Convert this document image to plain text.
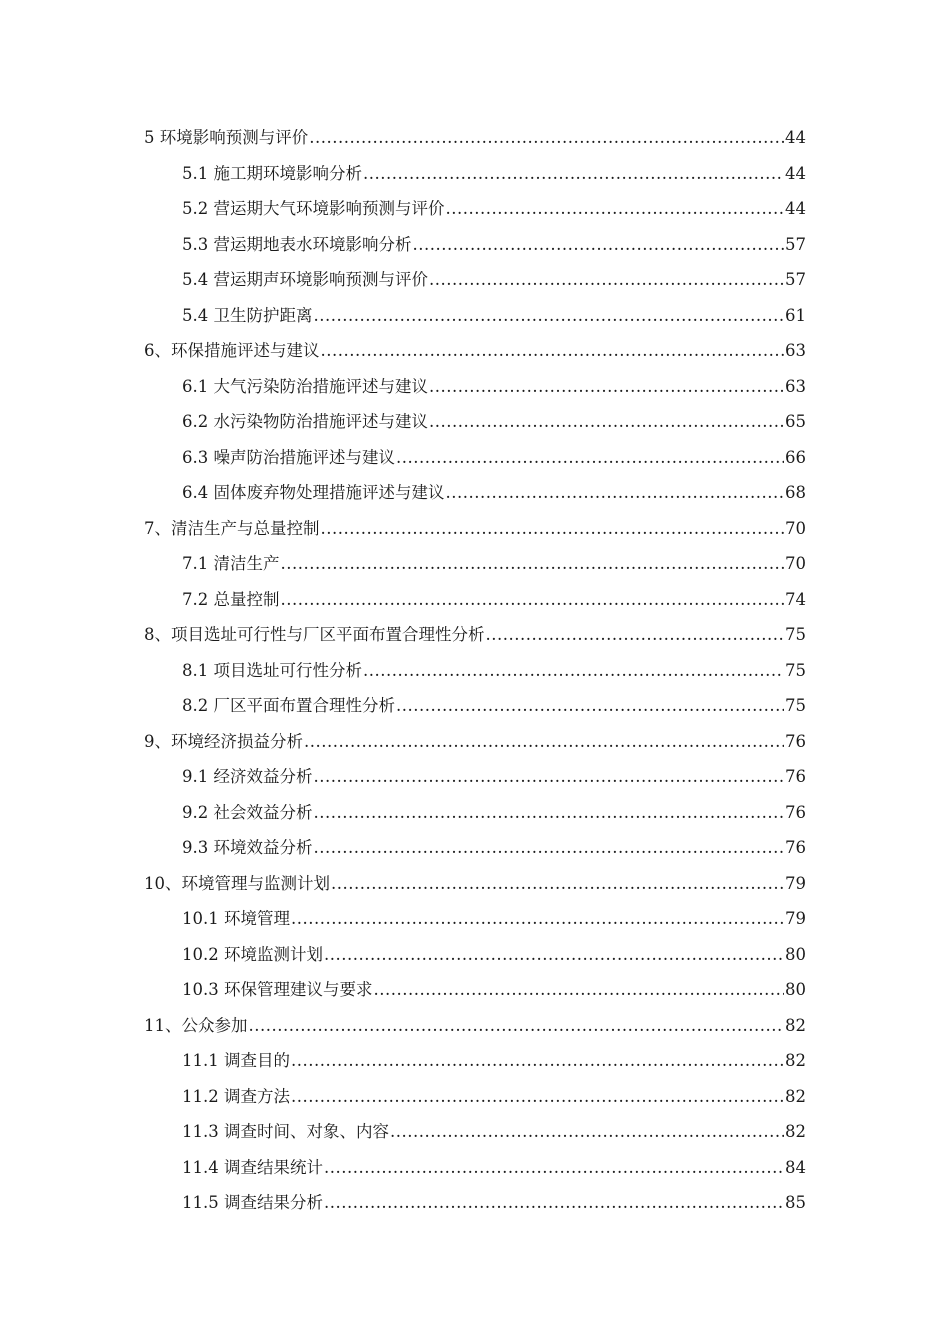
5 环境影响预测与评价 .....	44
5.1 施工期环境影响分析 .....	44
5.2 营运期大气环境影响预测与评价 .....	44
5.3 营运期地表水环境影响分析 .....	57
5.4 营运期声环境影响预测与评价 .....	57
5.4 卫生防护距离 .....	61
6、环保措施评述与建议 .....	63
6.1 大气污染防治措施评述与建议 .....	63
6.2 水污染物防治措施评述与建议 .....	65
6.3 噪声防治措施评述与建议 .....	66
6.4 固体废弃物处理措施评述与建议 .....	68
7、清洁生产与总量控制 .....	70
7.1 清洁生产 .....	70
7.2 总量控制 .....	74
8、项目选址可行性与厂区平面布置合理性分析 .....	75
8.1 项目选址可行性分析 .....	75
8.2 厂区平面布置合理性分析 .....	75
9、环境经济损益分析 .....	76
9.1 经济效益分析 .....	76
9.2 社会效益分析 .....	76
9.3 环境效益分析 .....	76
10、环境管理与监测计划 .....	79
10.1 环境管理 .....	79
10.2 环境监测计划 .....	80
10.3 环保管理建议与要求 .....	80
11、公众参加 .....	82
11.1 调查目的 .....	82
11.2 调查方法 .....	82
11.3 调查时间、对象、内容 .....	82
11.4 调查结果统计 .....	84
11.5 调查结果分析 .....	85
